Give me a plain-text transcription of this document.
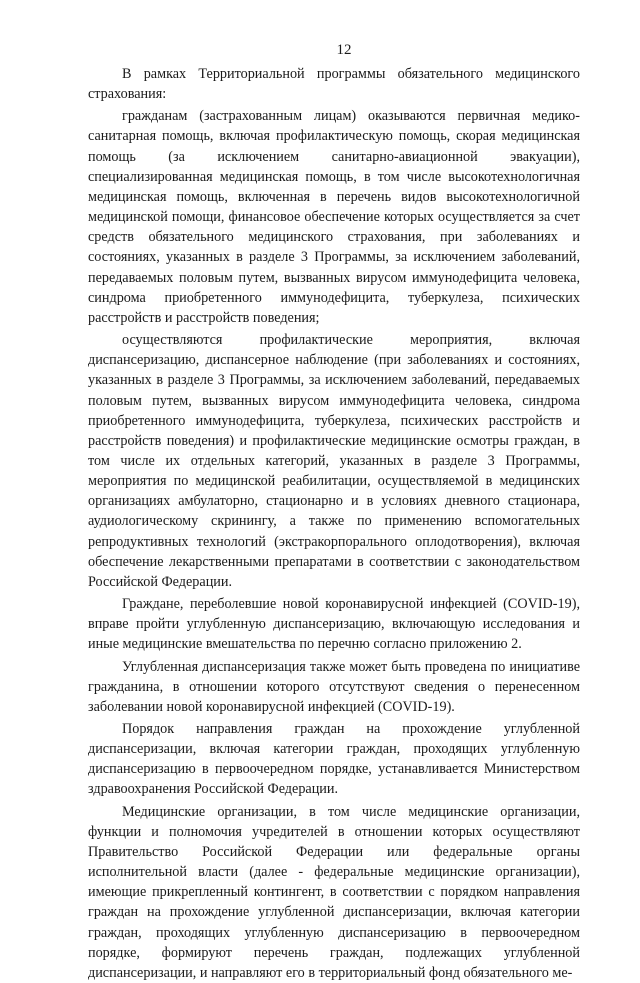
12

В рамках Территориальной программы обязательного медицинского страхования:

гражданам (застрахованным лицам) оказываются первичная медико-санитарная помощь, включая профилактическую помощь, скорая медицинская помощь (за исключением санитарно-авиационной эвакуации), специализированная медицинская помощь, в том числе высокотехнологичная медицинская помощь, включенная в перечень видов высокотехнологичной медицинской помощи, финансовое обеспечение которых осуществляется за счет средств обязательного медицинского страхования, при заболеваниях и состояниях, указанных в разделе 3 Программы, за исключением заболеваний, передаваемых половым путем, вызванных вирусом иммунодефицита человека, синдрома приобретенного иммунодефицита, туберкулеза, психических расстройств и расстройств поведения;

осуществляются профилактические мероприятия, включая диспансеризацию, диспансерное наблюдение (при заболеваниях и состояниях, указанных в разделе 3 Программы, за исключением заболеваний, передаваемых половым путем, вызванных вирусом иммунодефицита человека, синдрома приобретенного иммунодефицита, туберкулеза, психических расстройств и расстройств поведения) и профилактические медицинские осмотры граждан, в том числе их отдельных категорий, указанных в разделе 3 Программы, мероприятия по медицинской реабилитации, осуществляемой в медицинских организациях амбулаторно, стационарно и в условиях дневного стационара, аудиологическому скринингу, а также по применению вспомогательных репродуктивных технологий (экстракорпорального оплодотворения), включая обеспечение лекарственными препаратами в соответствии с законодательством Российской Федерации.

Граждане, переболевшие новой коронавирусной инфекцией (COVID-19), вправе пройти углубленную диспансеризацию, включающую исследования и иные медицинские вмешательства по перечню согласно приложению 2.

Углубленная диспансеризация также может быть проведена по инициативе гражданина, в отношении которого отсутствуют сведения о перенесенном заболевании новой коронавирусной инфекцией (COVID-19).

Порядок направления граждан на прохождение углубленной диспансеризации, включая категории граждан, проходящих углубленную диспансеризацию в первоочередном порядке, устанавливается Министерством здравоохранения Российской Федерации.

Медицинские организации, в том числе медицинские организации, функции и полномочия учредителей в отношении которых осуществляют Правительство Российской Федерации или федеральные органы исполнительной власти (далее - федеральные медицинские организации), имеющие прикрепленный контингент, в соответствии с порядком направления граждан на прохождение углубленной диспансеризации, включая категории граждан, проходящих углубленную диспансеризацию в первоочередном порядке, формируют перечень граждан, подлежащих углубленной диспансеризации, и направляют его в территориальный фонд обязательного ме-
